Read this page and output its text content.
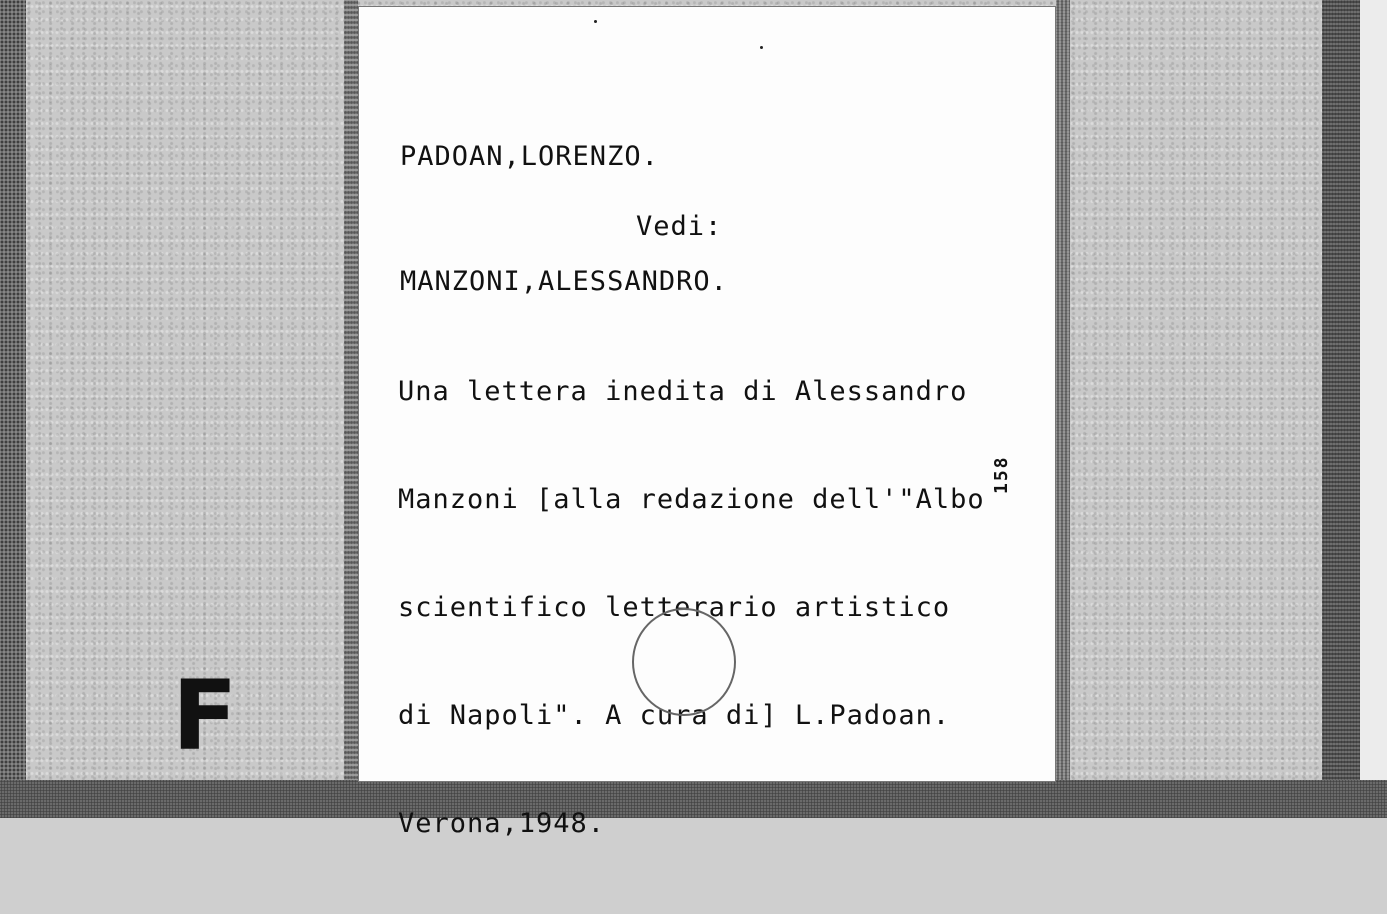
F
PADOAN,LORENZO.
Vedi:
MANZONI,ALESSANDRO.

Una lettera inedita di Alessandro

Manzoni [alla redazione dell'"Albo

scientifico letterario artistico

di Napoli". A cura di] L.Padoan.

Verona,1948.

158
